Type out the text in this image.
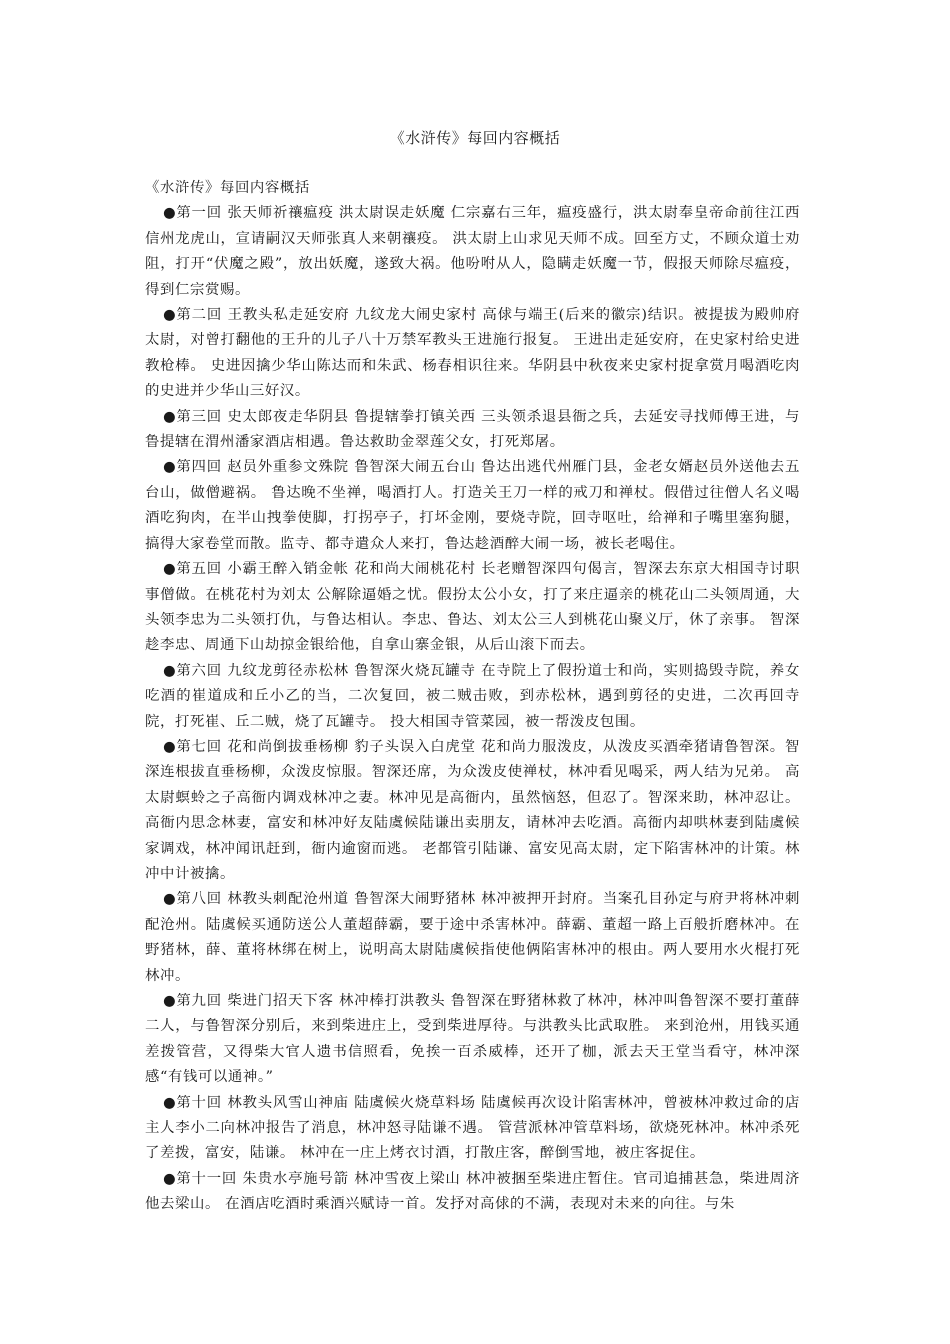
《水浒传》每回内容概括

《水浒传》每回内容概括

●第一回 张天师祈禳瘟疫 洪太尉误走妖魔 仁宗嘉右三年，瘟疫盛行，洪太尉奉皇帝命前往江西信州龙虎山，宣请嗣汉天师张真人来朝禳疫。 洪太尉上山求见天师不成。回至方丈，不顾众道士劝阻，打开“伏魔之殿”，放出妖魔，遂致大祸。他吩咐从人，隐瞒走妖魔一节，假报天师除尽瘟疫，得到仁宗赏赐。

●第二回 王教头私走延安府 九纹龙大闹史家村 高俅与端王(后来的徽宗)结识。被提拔为殿帅府太尉，对曾打翻他的王升的儿子八十万禁军教头王进施行报复。 王进出走延安府，在史家村给史进教枪棒。 史进因擒少华山陈达而和朱武、杨春相识往来。华阴县中秋夜来史家村捉拿赏月喝酒吃肉的史进并少华山三好汉。

●第三回 史太郎夜走华阴县 鲁提辖拳打镇关西 三头领杀退县衙之兵，去延安寻找师傅王进，与鲁提辖在渭州潘家酒店相遇。鲁达救助金翠莲父女，打死郑屠。

●第四回 赵员外重参文殊院 鲁智深大闹五台山 鲁达出逃代州雁门县，金老女婿赵员外送他去五台山，做僧避祸。 鲁达晚不坐禅，喝酒打人。打造关王刀一样的戒刀和禅杖。假借过往僧人名义喝酒吃狗肉，在半山拽拳使脚，打拐亭子，打坏金刚，要烧寺院，回寺呕吐，给禅和子嘴里塞狗腿，搞得大家卷堂而散。监寺、都寺遣众人来打，鲁达趁酒醉大闹一场，被长老喝住。

●第五回 小霸王醉入销金帐 花和尚大闹桃花村 长老赠智深四句偈言，智深去东京大相国寺讨职事僧做。在桃花村为刘太 公解除逼婚之忧。假扮太公小女，打了来庄逼亲的桃花山二头领周通，大头领李忠为二头领打仇，与鲁达相认。李忠、鲁达、刘太公三人到桃花山聚义厅，休了亲事。 智深趁李忠、周通下山劫掠金银给他，自拿山寨金银，从后山滚下而去。

●第六回 九纹龙剪径赤松林 鲁智深火烧瓦罐寺 在寺院上了假扮道士和尚，实则捣毁寺院，养女吃酒的崔道成和丘小乙的当，二次复回，被二贼击败，到赤松林，遇到剪径的史进，二次再回寺院，打死崔、丘二贼，烧了瓦罐寺。 投大相国寺管菜园，被一帮泼皮包围。

●第七回 花和尚倒拔垂杨柳 豹子头误入白虎堂 花和尚力服泼皮，从泼皮买酒牵猪请鲁智深。智深连根拔直垂杨柳，众泼皮惊服。智深还席，为众泼皮使禅杖，林冲看见喝采，两人结为兄弟。 高太尉螟蛉之子高衙内调戏林冲之妻。林冲见是高衙内，虽然恼怒，但忍了。智深来助，林冲忍让。 高衙内思念林妻，富安和林冲好友陆虞候陆谦出卖朋友，请林冲去吃酒。高衙内却哄林妻到陆虞候家调戏，林冲闻讯赶到，衙内逾窗而逃。 老都管引陆谦、富安见高太尉，定下陷害林冲的计策。林冲中计被擒。

●第八回 林教头刺配沧州道 鲁智深大闹野猪林 林冲被押开封府。当案孔目孙定与府尹将林冲刺配沧州。陆虞候买通防送公人董超薛霸，要于途中杀害林冲。薛霸、董超一路上百般折磨林冲。在野猪林，薛、董将林绑在树上，说明高太尉陆虞候指使他俩陷害林冲的根由。两人要用水火棍打死林冲。

●第九回 柴进门招天下客 林冲棒打洪教头 鲁智深在野猪林救了林冲，林冲叫鲁智深不要打董薛二人，与鲁智深分别后，来到柴进庄上，受到柴进厚待。与洪教头比武取胜。 来到沧州，用钱买通差拨管营，又得柴大官人遗书信照看，免挨一百杀威棒，还开了枷，派去天王堂当看守，林冲深感“有钱可以通神。”

●第十回 林教头风雪山神庙 陆虞候火烧草料场 陆虞候再次设计陷害林冲，曾被林冲救过命的店主人李小二向林冲报告了消息，林冲怒寻陆谦不遇。 管营派林冲管草料场，欲烧死林冲。林冲杀死了差拨，富安，陆谦。 林冲在一庄上烤衣讨酒，打散庄客，醉倒雪地，被庄客捉住。

●第十一回 朱贵水亭施号箭 林冲雪夜上梁山 林冲被捆至柴进庄暂住。官司追捕甚急，柴进周济他去梁山。 在酒店吃酒时乘酒兴赋诗一首。发抒对高俅的不满，表现对未来的向往。与朱
